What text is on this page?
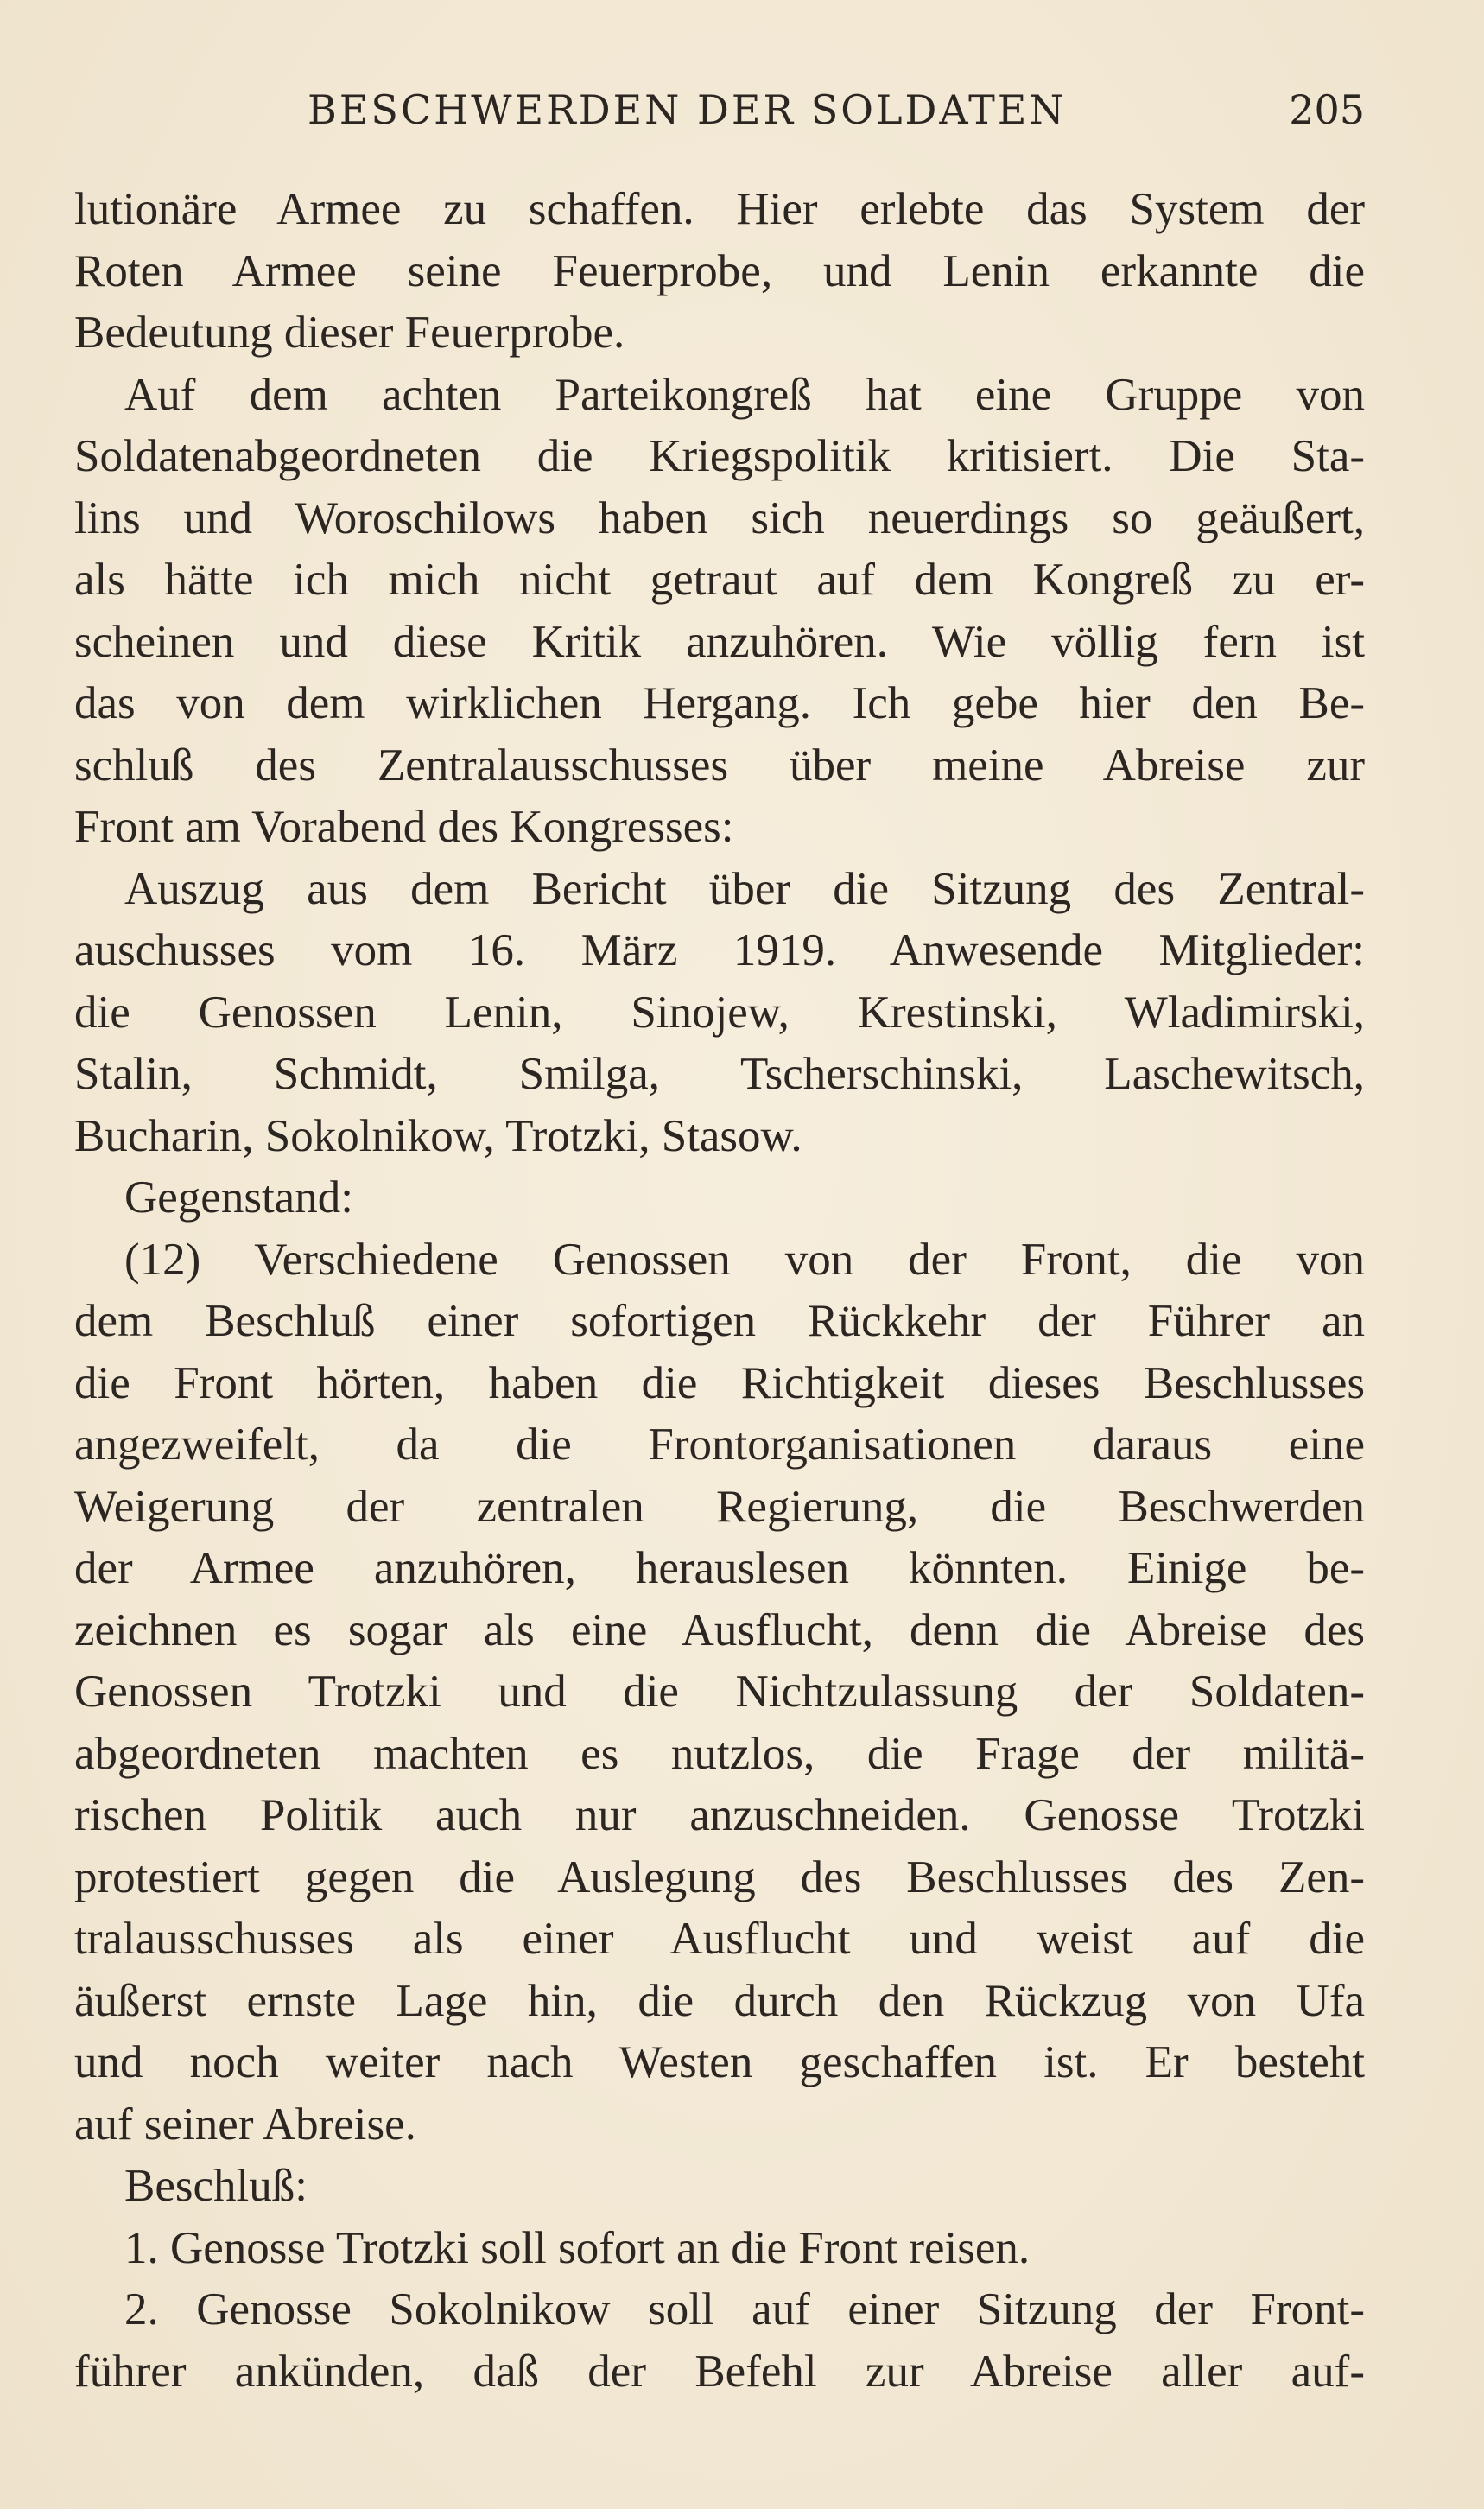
BESCHWERDEN DER SOLDATEN	205
lutionäre Armee zu schaffen. Hier erlebte das System der
Roten Armee seine Feuerprobe, und Lenin erkannte die
Bedeutung dieser Feuerprobe.
Auf dem achten Parteikongreß hat eine Gruppe von
Soldatenabgeordneten die Kriegspolitik kritisiert. Die Sta-
lins und Woroschilows haben sich neuerdings so geäußert,
als hätte ich mich nicht getraut auf dem Kongreß zu er-
scheinen und diese Kritik anzuhören. Wie völlig fern ist
das von dem wirklichen Hergang. Ich gebe hier den Be-
schluß des Zentralausschusses über meine Abreise zur
Front am Vorabend des Kongresses:
Auszug aus dem Bericht über die Sitzung des Zentral-
auschusses vom 16. März 1919. Anwesende Mitglieder:
die Genossen Lenin, Sinojew, Krestinski, Wladimirski,
Stalin, Schmidt, Smilga, Tscherschinski, Laschewitsch,
Bucharin, Sokolnikow, Trotzki, Stasow.
Gegenstand:
(12) Verschiedene Genossen von der Front, die von
dem Beschluß einer sofortigen Rückkehr der Führer an
die Front hörten, haben die Richtigkeit dieses Beschlusses
angezweifelt, da die Frontorganisationen daraus eine
Weigerung der zentralen Regierung, die Beschwerden
der Armee anzuhören, herauslesen könnten. Einige be-
zeichnen es sogar als eine Ausflucht, denn die Abreise des
Genossen Trotzki und die Nichtzulassung der Soldaten-
abgeordneten machten es nutzlos, die Frage der militä-
rischen Politik auch nur anzuschneiden. Genosse Trotzki
protestiert gegen die Auslegung des Beschlusses des Zen-
tralausschusses als einer Ausflucht und weist auf die
äußerst ernste Lage hin, die durch den Rückzug von Ufa
und noch weiter nach Westen geschaffen ist. Er besteht
auf seiner Abreise.
Beschluß:
1. Genosse Trotzki soll sofort an die Front reisen.
2. Genosse Sokolnikow soll auf einer Sitzung der Front-
führer ankünden, daß der Befehl zur Abreise aller auf-
